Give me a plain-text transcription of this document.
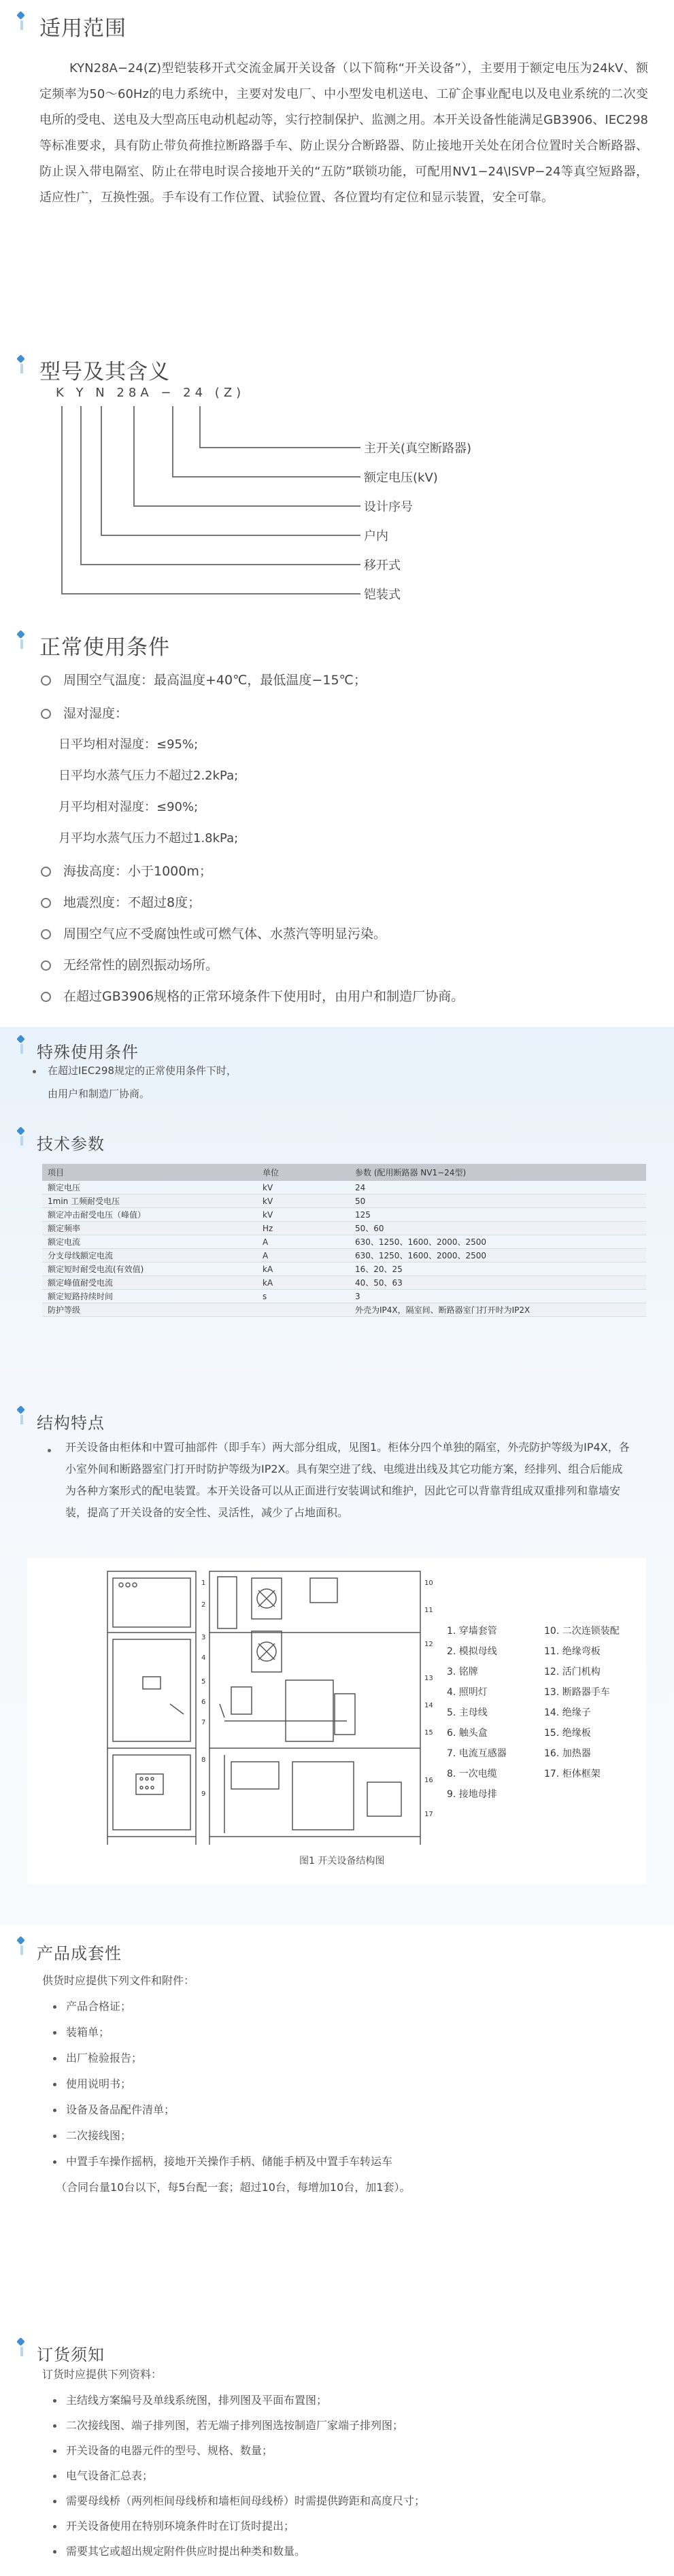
适用范围
KYN28A−24(Z)型铠装移开式交流金属开关设备（以下简称“开关设备”），主要用于额定电压为24kV、额定频率为50～60Hz的电力系统中，主要对发电厂、中小型发电机送电、工矿企事业配电以及电业系统的二次变电所的受电、送电及大型高压电动机起动等，实行控制保护、监测之用。本开关设备性能满足GB3906、IEC298等标准要求，具有防止带负荷推拉断路器手车、防止误分合断路器、防止接地开关处在闭合位置时关合断路器、防止误入带电隔室、防止在带电时误合接地开关的“五防”联锁功能，可配用NV1−24\ISVP−24等真空短路器，适应性广，互换性强。手车设有工作位置、试验位置、各位置均有定位和显示装置，安全可靠。
型号及其含义
K Y N 28A − 24 (Z)
主开关(真空断路器)
额定电压(kV)
设计序号
户内
移开式
铠装式
正常使用条件
周围空气温度：最高温度+40℃，最低温度−15℃；
湿对湿度：
日平均相对湿度：≤95%;
日平均水蒸气压力不超过2.2kPa;
月平均相对湿度：≤90%;
月平均水蒸气压力不超过1.8kPa;
海拔高度：小于1000m；
地震烈度：不超过8度；
周围空气应不受腐蚀性或可燃气体、水蒸汽等明显污染。
无经常性的剧烈振动场所。
在超过GB3906规格的正常环境条件下使用时，由用户和制造厂协商。
特殊使用条件
在超过IEC298规定的正常使用条件下时，
由用户和制造厂协商。
技术参数
项目	单位	参数 (配用断路器 NV1−24型)
额定电压	kV	24
1min 工频耐受电压	kV	50
额定冲击耐受电压（峰值）	kV	125
额定频率	Hz	50、60
额定电流	A	630、1250、1600、2000、2500
分支母线额定电流	A	630、1250、1600、2000、2500
额定短时耐受电流(有效值)	kA	16、20、25
额定峰值耐受电流	kA	40、50、63
额定短路持续时间	s	3
防护等级		外壳为IP4X，隔室间、断路器室门打开时为IP2X
结构特点
开关设备由柜体和中置可抽部件（即手车）两大部分组成，见图1。柜体分四个单独的隔室，外壳防护等级为IP4X，各小室外间和断路器室门打开时防护等级为IP2X。具有架空进了线、电缆进出线及其它功能方案，经排列、组合后能成为各种方案形式的配电装置。本开关设备可以从正面进行安装调试和维护，因此它可以背靠背组成双重排列和靠墙安装，提高了开关设备的安全性、灵活性，减少了占地面积。
1
2
3
4
5
6
7
8
9
10
11
12
13
14
15
16
17
1. 穿墙套管	10. 二次连锁装配
2. 模拟母线	11. 绝缘弯板
3. 铭牌	12. 活门机构
4. 照明灯	13. 断路器手车
5. 主母线	14. 绝缘子
6. 触头盒	15. 绝缘板
7. 电流互感器	16. 加热器
8. 一次电缆	17. 柜体框架
9. 接地母排
图1 开关设备结构图
产品成套性
供货时应提供下列文件和附件：
产品合格证；
装箱单；
出厂检验报告；
使用说明书；
设备及备品配件清单；
二次接线图；
中置手车操作摇柄，接地开关操作手柄、储能手柄及中置手车转运车
（合同台量10台以下，每5台配一套；超过10台，每增加10台，加1套）。
订货须知
订货时应提供下列资料：
主结线方案编号及单线系统图，排列图及平面布置图；
二次接线图、端子排列图，若无端子排列图选按制造厂家端子排列图；
开关设备的电器元件的型号、规格、数量；
电气设备汇总表；
需要母线桥（两列柜间母线桥和墙柜间母线桥）时需提供跨距和高度尺寸；
开关设备使用在特别环境条件时在订货时提出；
需要其它或超出规定附件供应时提出种类和数量。
